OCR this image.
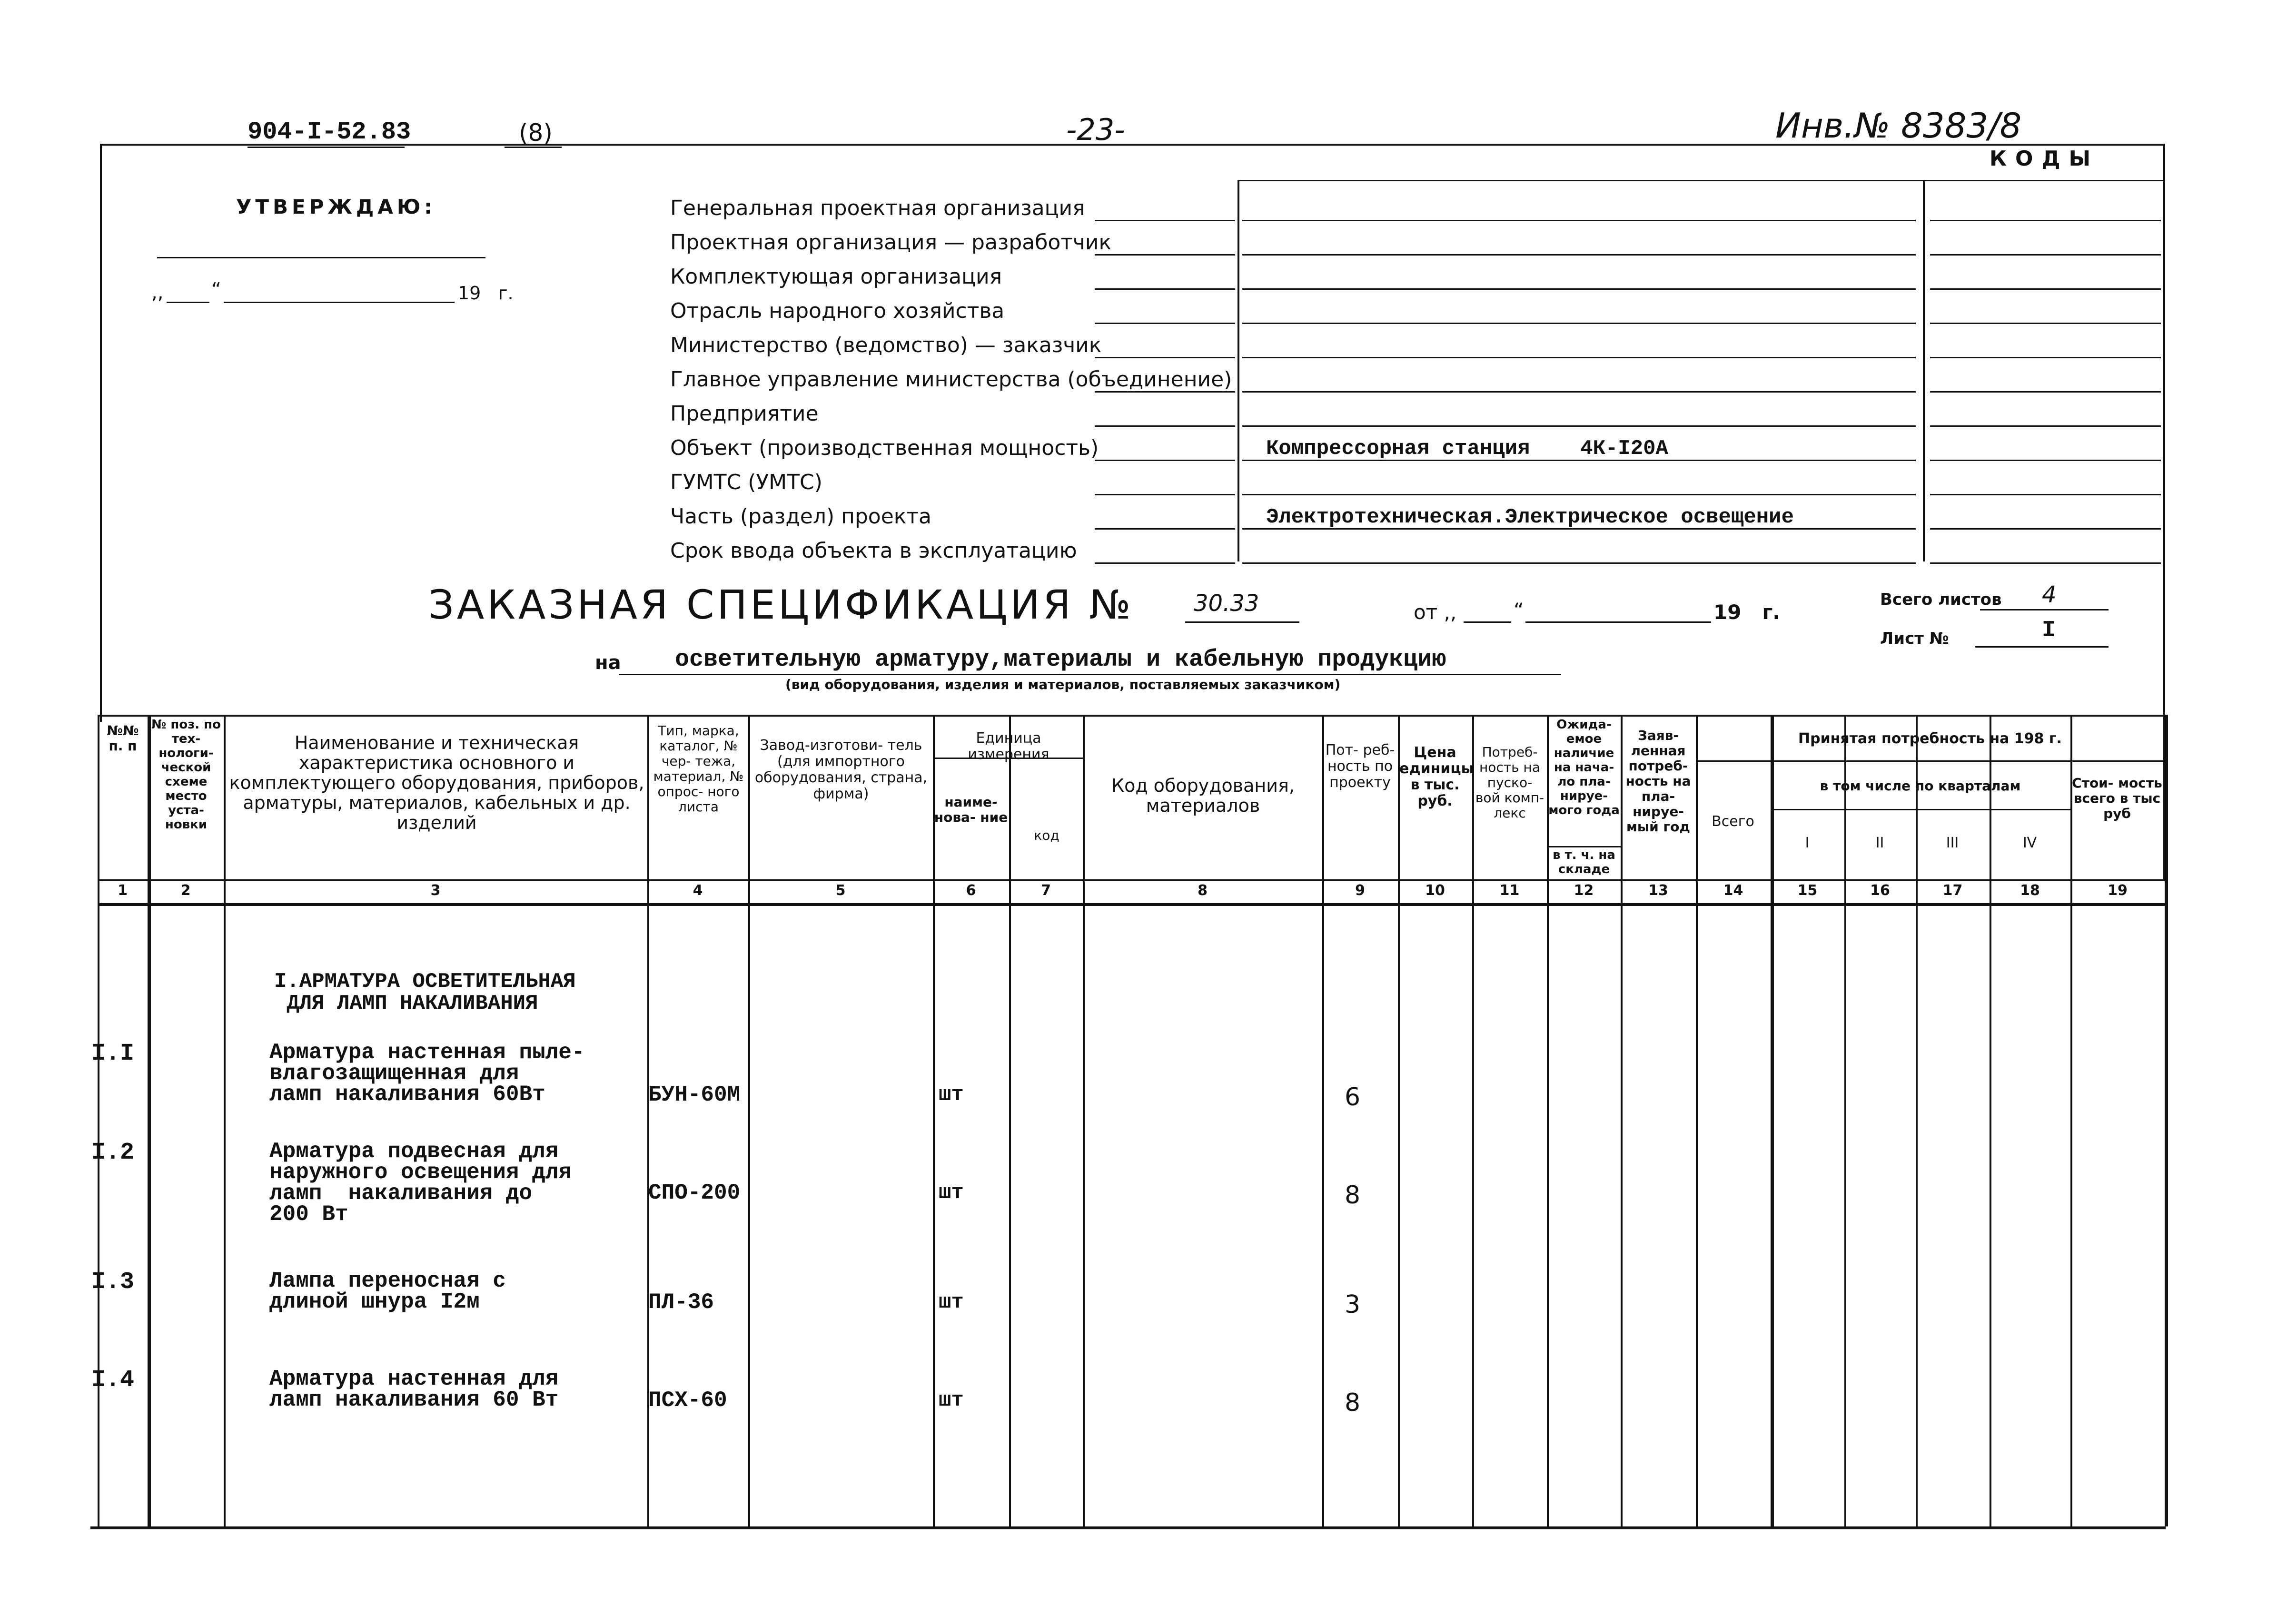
904-I-52.83	(8)	-23-	Инв.№ 8383/8
КОДЫ
УТВЕРЖДАЮ:
,,	“	19   г.
ЗАКАЗНАЯ СПЕЦИФИКАЦИЯ №	30.33	от ,,	“	19   г.
Всего листов 4
Лист №	I
на осветительную арматуру,материалы и кабельную продукцию
(вид оборудования, изделия и материалов, поставляемых заказчиком)
Генеральная проектная организация
Проектная организация — разработчик
Комплектующая организация
Отрасль народного хозяйства
Министерство (ведомство) — заказчик
Главное управление министерства (объединение)
Предприятие
Объект (производственная мощность)	Компрессорная станция    4К-I20А
ГУМТС (УМТС)
Часть (раздел) проекта	Электротехническая.Электрическое освещение
Срок ввода объекта в эксплуатацию
№№ п. п
№ поз. по тех- нологи- ческой схеме место уста- новки
Наименование и техническая характеристика основного и комплектующего оборудования, приборов, арматуры, материалов, кабельных и др. изделий
Тип, марка, каталог, № чер- тежа, материал, № опрос- ного листа
Завод-изготови- тель (для импортного оборудования, страна, фирма)
Единица измерения
наиме- нова- ние
код
Код оборудования, материалов
Пот- реб- ность по проекту
Цена единицы в тыс. руб.
Потреб- ность на пуско- вой комп- лекс
Ожида- емое наличие на нача- ло пла- нируе- мого года
в т. ч. на складе
Заяв- ленная потреб- ность на пла- нируе- мый год
Принятая потребность на 198 г.
в том числе по кварталам
Всего
I	II	III	IV
Стои- мость всего в тыс руб
1	2	3	4	5	6	7	8	9	10	11	12	13	14	15	16	17	18	19
I.АРМАТУРА ОСВЕТИТЕЛЬНАЯ
ДЛЯ ЛАМП НАКАЛИВАНИЯ
I.I	Арматура настенная пыле-
влагозащищенная для
ламп накаливания 60Вт	БУН-60М	шт	6
I.2	Арматура подвесная для
наружного освещения для
ламп  накаливания до
200 Вт
СПО-200	шт	8
I.3	Лампа переносная с
длиной шнура I2м	ПЛ-36	шт	3
I.4	Арматура настенная для
ламп накаливания 60 Вт	ПСХ-60	шт	8
